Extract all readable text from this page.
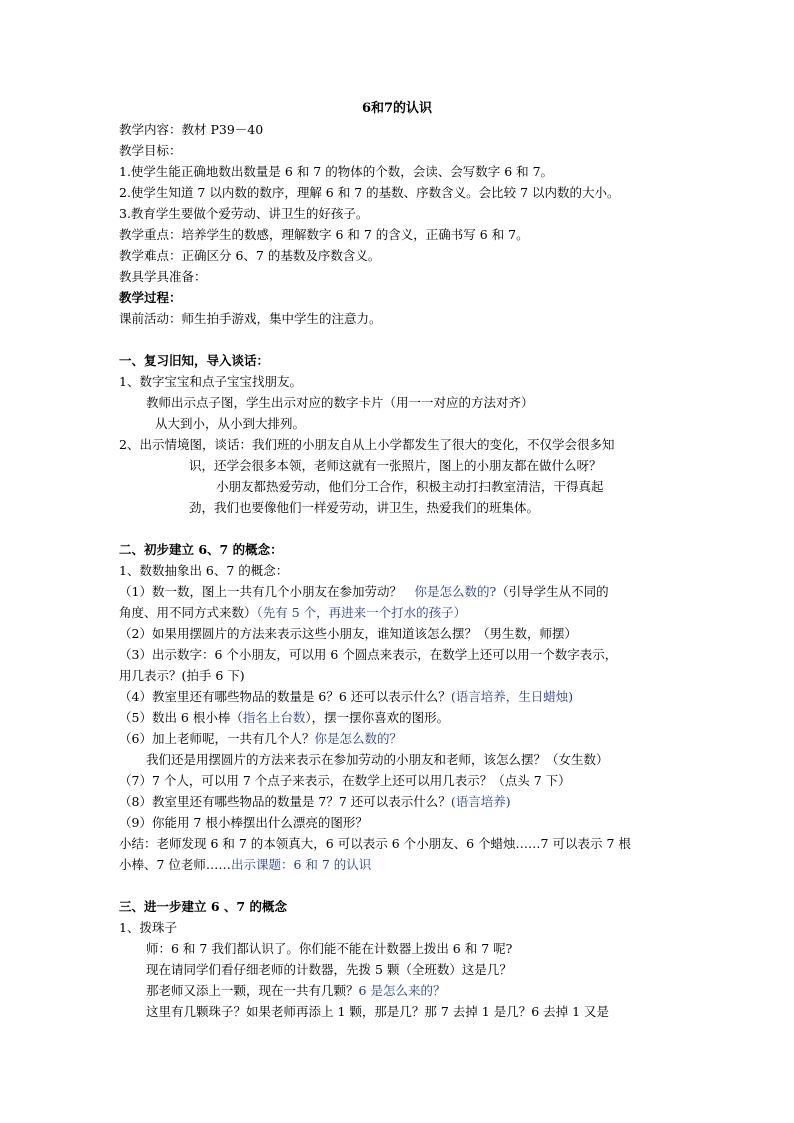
6和7的认识
教学内容：教材 P39－40
教学目标：
1.使学生能正确地数出数量是 6 和 7 的物体的个数，会读、会写数字 6 和 7。
2.使学生知道 7 以内数的数序，理解 6 和 7 的基数、序数含义。会比较 7 以内数的大小。
3.教育学生要做个爱劳动、讲卫生的好孩子。
教学重点：培养学生的数感，理解数字 6 和 7 的含义，正确书写 6 和 7。
教学难点：正确区分 6、7 的基数及序数含义。
教具学具准备：
教学过程：
课前活动：师生拍手游戏，集中学生的注意力。
一、复习旧知，导入谈话：
1、数字宝宝和点子宝宝找朋友。
教师出示点子图，学生出示对应的数字卡片（用一一对应的方法对齐）
从大到小，从小到大排列。
2、出示情境图，谈话：我们班的小朋友自从上小学都发生了很大的变化，不仅学会很多知
识，还学会很多本领，老师这就有一张照片，图上的小朋友都在做什么呀？
小朋友都热爱劳动，他们分工合作，积极主动打扫教室清洁，干得真起
劲，我们也要像他们一样爱劳动，讲卫生，热爱我们的班集体。
二、初步建立 6、7 的概念：
1、数数抽象出 6、7 的概念：
（1）数一数，图上一共有几个小朋友在参加劳动？　你是怎么数的?（引导学生从不同的
角度、用不同方式来数）（先有 5 个，再进来一个打水的孩子）
（2）如果用摆圆片的方法来表示这些小朋友，谁知道该怎么摆？（男生数，师摆）
（3）出示数字：6 个小朋友，可以用 6 个圆点来表示，在数学上还可以用一个数字表示，
用几表示？(拍手 6 下)
（4）教室里还有哪些物品的数量是 6？6 还可以表示什么？(语言培养，生日蜡烛)
（5）数出 6 根小棒（指名上台数），摆一摆你喜欢的图形。
（6）加上老师呢，一共有几个人？你是怎么数的？
我们还是用摆圆片的方法来表示在参加劳动的小朋友和老师，该怎么摆？（女生数）
（7）7 个人，可以用 7 个点子来表示，在数学上还可以用几表示？（点头 7 下）
（8）教室里还有哪些物品的数量是 7？7 还可以表示什么？(语言培养)
（9）你能用 7 根小棒摆出什么漂亮的图形？
小结：老师发现 6 和 7 的本领真大，6 可以表示 6 个小朋友、6 个蜡烛……7 可以表示 7 根
小棒、7 位老师……出示课题：6 和 7 的认识
三、进一步建立 6 、7 的概念
1、拨珠子
师：6 和 7 我们都认识了。你们能不能在计数器上拨出 6 和 7 呢?
现在请同学们看仔细老师的计数器，先拨 5 颗（全班数）这是几？
那老师又添上一颗，现在一共有几颗？6 是怎么来的？
这里有几颗珠子？如果老师再添上 1 颗，那是几？那 7 去掉 1 是几？6 去掉 1 又是
